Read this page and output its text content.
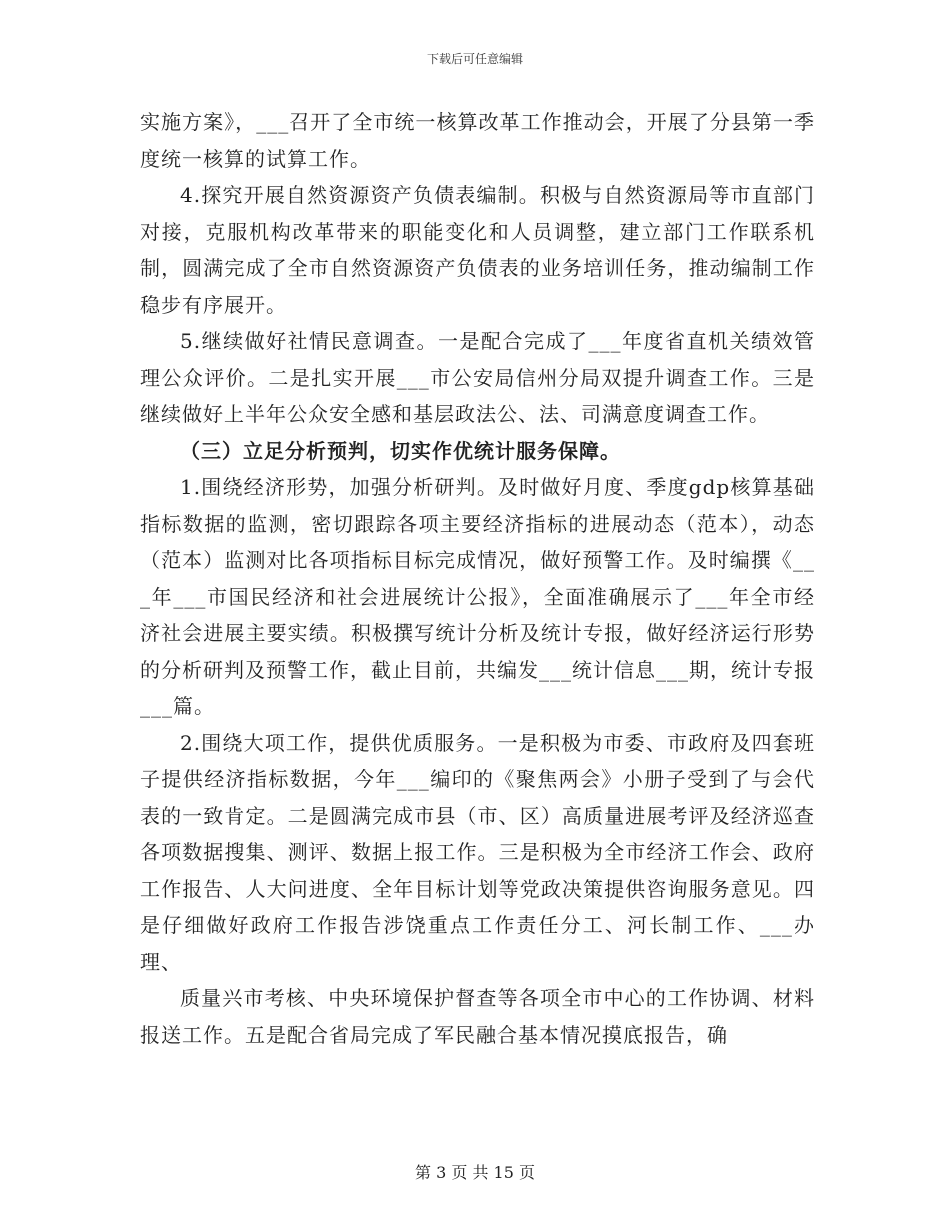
下载后可任意编辑

实施方案》，___召开了全市统一核算改革工作推动会，开展了分县第一季度统一核算的试算工作。

4.探究开展自然资源资产负债表编制。积极与自然资源局等市直部门对接，克服机构改革带来的职能变化和人员调整，建立部门工作联系机制，圆满完成了全市自然资源资产负债表的业务培训任务，推动编制工作稳步有序展开。

5.继续做好社情民意调查。一是配合完成了___年度省直机关绩效管理公众评价。二是扎实开展___市公安局信州分局双提升调查工作。三是继续做好上半年公众安全感和基层政法公、法、司满意度调查工作。

（三）立足分析预判，切实作优统计服务保障。

1.围绕经济形势，加强分析研判。及时做好月度、季度gdp核算基础指标数据的监测，密切跟踪各项主要经济指标的进展动态（范本），动态（范本）监测对比各项指标目标完成情况，做好预警工作。及时编撰《___年___市国民经济和社会进展统计公报》，全面准确展示了___年全市经济社会进展主要实绩。积极撰写统计分析及统计专报，做好经济运行形势的分析研判及预警工作，截止目前，共编发___统计信息___期，统计专报___篇。

2.围绕大项工作，提供优质服务。一是积极为市委、市政府及四套班子提供经济指标数据，今年___编印的《聚焦两会》小册子受到了与会代表的一致肯定。二是圆满完成市县（市、区）高质量进展考评及经济巡查各项数据搜集、测评、数据上报工作。三是积极为全市经济工作会、政府工作报告、人大问进度、全年目标计划等党政决策提供咨询服务意见。四是仔细做好政府工作报告涉饶重点工作责任分工、河长制工作、___办理、

质量兴市考核、中央环境保护督查等各项全市中心的工作协调、材料报送工作。五是配合省局完成了军民融合基本情况摸底报告，确

第 3 页 共 15 页
